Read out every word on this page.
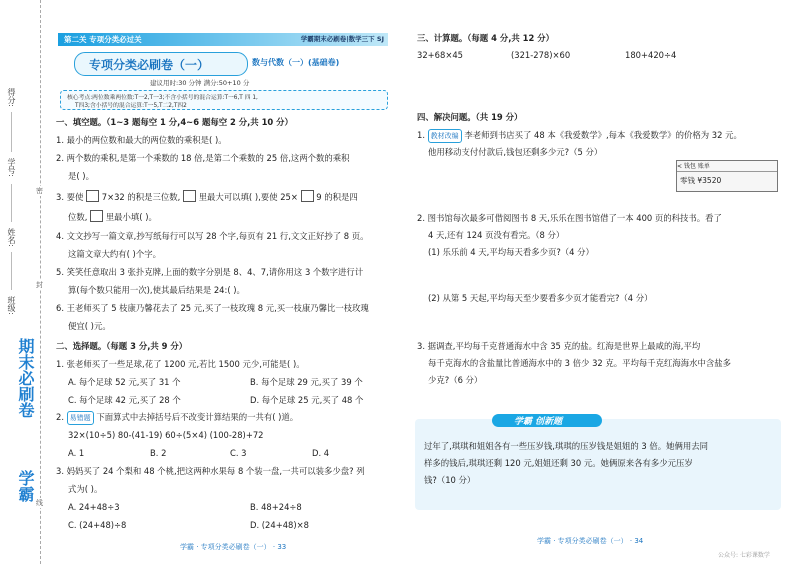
得分:
学号:
姓名:
班级:
密
封
线
学霸
期末必刷卷
第二关 专项分类必过关	学霸期末必刷卷|数学三下 SJ
专项分类必刷卷（一）	数与代数（一）(基础卷)
建议用时:30 分钟 满分:50+10 分
核心考点:两位数乘两位数:T一2,T一3;不含小括号的混合运算:T一6,T 四 1,
T四3;含小括号的混合运算:T一5,T二2,T四2
一、填空题。（1~3 题每空 1 分,4~6 题每空 2 分,共 10 分）
1. 最小的两位数和最大的两位数的乘积是( )。
2. 两个数的乘积,是第一个乘数的 18 倍,是第二个乘数的 25 倍,这两个数的乘积
是( )。
3. 要使 7×32 的积是三位数, 里最大可以填( ),要使 25× 9 的积是四
位数, 里最小填( )。
4. 文文抄写一篇文章,抄写纸每行可以写 28 个字,每页有 21 行,文文正好抄了 8 页。
这篇文章大约有( )个字。
5. 笑笑任意取出 3 张扑克牌,上面的数字分别是 8、4、7,请你用这 3 个数字进行计
算(每个数只能用一次),使其最后结果是 24:( )。
6. 王老师买了 5 枝康乃馨花去了 25 元,买了一枝玫瑰 8 元,买一枝康乃馨比一枝玫瑰
便宜( )元。
二、选择题。（每题 3 分,共 9 分）
1. 张老师买了一些足球,花了 1200 元,若比 1500 元少,可能是( )。
A. 每个足球 52 元,买了 31 个	B. 每个足球 29 元,买了 39 个
C. 每个足球 42 元,买了 28 个	D. 每个足球 25 元,买了 48 个
2. 易错题 下面算式中去掉括号后不改变计算结果的一共有( )道。
32×(10÷5) 80-(41-19) 60÷(5×4) (100-28)+72
A. 1	B. 2	C. 3	D. 4
3. 妈妈买了 24 个梨和 48 个桃,把这两种水果每 8 个装一盘,一共可以装多少盘? 列
式为( )。
A. 24+48÷3	B. 48+24÷8
C. (24+48)÷8	D. (24+48)×8
学霸 · 专项分类必刷卷（一） · 33
三、计算题。（每题 4 分,共 12 分）
32+68×45	(321-278)×60	180+420÷4
四、解决问题。（共 19 分）
1. 教材改编 李老师到书店买了 48 本《我爱数学》,每本《我爱数学》的价格为 32 元。
他用移动支付付款后,钱包还剩多少元?（5 分）
< 钱包 账单
零钱 ¥3520
2. 图书馆每次最多可借阅图书 8 天,乐乐在图书馆借了一本 400 页的科技书。看了
4 天,还有 124 页没有看完。（8 分）
(1) 乐乐前 4 天,平均每天看多少页?（4 分）
(2) 从第 5 天起,平均每天至少要看多少页才能看完?（4 分）
3. 据调查,平均每千克普通海水中含 35 克的盐。红海是世界上最咸的海,平均
每千克海水的含盐量比普通海水中的 3 倍少 32 克。平均每千克红海海水中含盐多
少克?（6 分）
学霸 创新题
过年了,琪琪和姐姐各有一些压岁钱,琪琪的压岁钱是姐姐的 3 倍。她俩用去同
样多的钱后,琪琪还剩 120 元,姐姐还剩 30 元。她俩原来各有多少元压岁
钱?（10 分）
学霸 · 专项分类必刷卷（一） · 34
公众号: 七彩课数学
